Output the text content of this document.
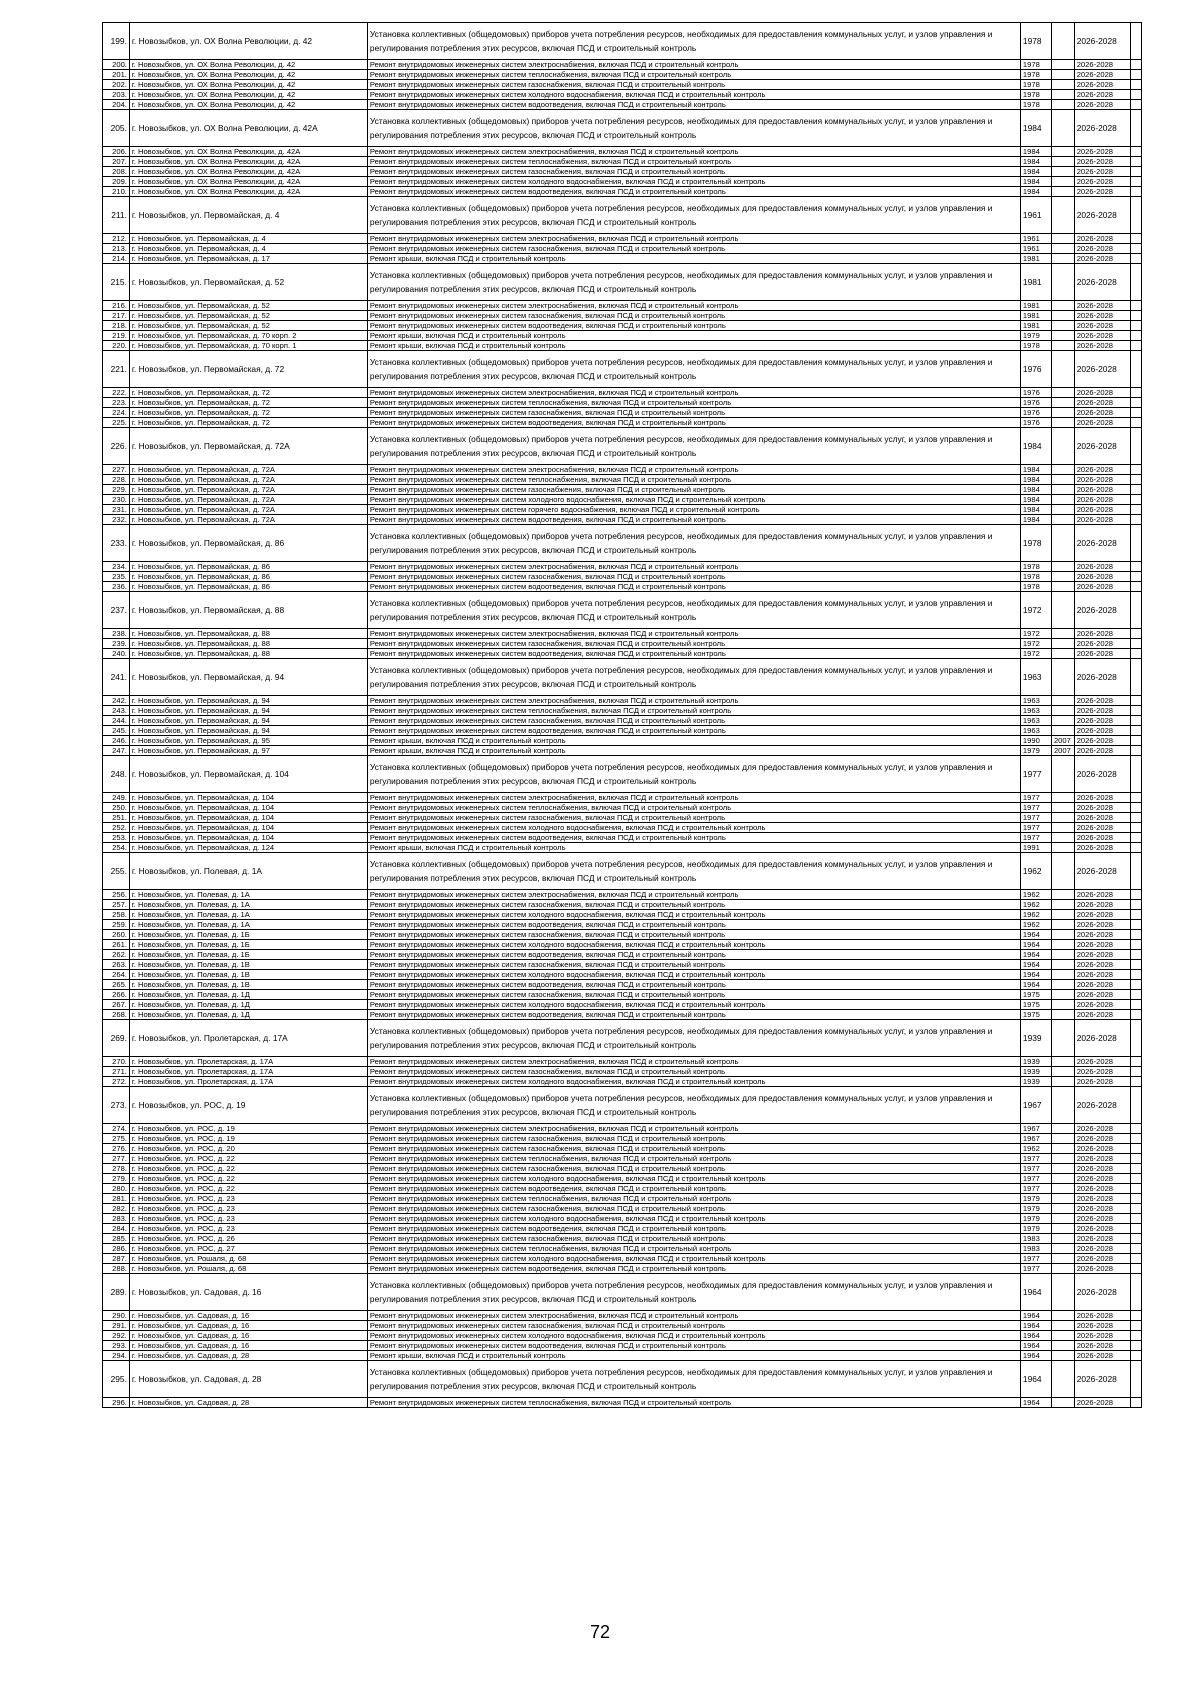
199.	г. Новозыбков, ул. ОХ Волна Революции, д. 42	Установка коллективных (общедомовых) приборов учета потребления ресурсов, необходимых для предоставления коммунальных услуг, и узлов управления и регулирования потребления этих ресурсов, включая ПСД и строительный контроль	1978		2026-2028	
200.	г. Новозыбков, ул. ОХ Волна Революции, д. 42	Ремонт внутридомовых инженерных систем электроснабжения, включая ПСД и строительный контроль	1978		2026-2028	
201.	г. Новозыбков, ул. ОХ Волна Революции, д. 42	Ремонт внутридомовых инженерных систем теплоснабжения, включая ПСД и строительный контроль	1978		2026-2028	
202.	г. Новозыбков, ул. ОХ Волна Революции, д. 42	Ремонт внутридомовых инженерных систем газоснабжения, включая ПСД и строительный контроль	1978		2026-2028	
203.	г. Новозыбков, ул. ОХ Волна Революции, д. 42	Ремонт внутридомовых инженерных систем холодного водоснабжения, включая ПСД и строительный контроль	1978		2026-2028	
204.	г. Новозыбков, ул. ОХ Волна Революции, д. 42	Ремонт внутридомовых инженерных систем водоотведения, включая ПСД и строительный контроль	1978		2026-2028	
205.	г. Новозыбков, ул. ОХ Волна Революции, д. 42А	Установка коллективных (общедомовых) приборов учета потребления ресурсов, необходимых для предоставления коммунальных услуг, и узлов управления и регулирования потребления этих ресурсов, включая ПСД и строительный контроль	1984		2026-2028	
206.	г. Новозыбков, ул. ОХ Волна Революции, д. 42А	Ремонт внутридомовых инженерных систем электроснабжения, включая ПСД и строительный контроль	1984		2026-2028	
207.	г. Новозыбков, ул. ОХ Волна Революции, д. 42А	Ремонт внутридомовых инженерных систем теплоснабжения, включая ПСД и строительный контроль	1984		2026-2028	
208.	г. Новозыбков, ул. ОХ Волна Революции, д. 42А	Ремонт внутридомовых инженерных систем газоснабжения, включая ПСД и строительный контроль	1984		2026-2028	
209.	г. Новозыбков, ул. ОХ Волна Революции, д. 42А	Ремонт внутридомовых инженерных систем холодного водоснабжения, включая ПСД и строительный контроль	1984		2026-2028	
210.	г. Новозыбков, ул. ОХ Волна Революции, д. 42А	Ремонт внутридомовых инженерных систем водоотведения, включая ПСД и строительный контроль	1984		2026-2028	
211.	г. Новозыбков, ул. Первомайская, д. 4	Установка коллективных (общедомовых) приборов учета потребления ресурсов, необходимых для предоставления коммунальных услуг, и узлов управления и регулирования потребления этих ресурсов, включая ПСД и строительный контроль	1961		2026-2028	
212.	г. Новозыбков, ул. Первомайская, д. 4	Ремонт внутридомовых инженерных систем электроснабжения, включая ПСД и строительный контроль	1961		2026-2028	
213.	г. Новозыбков, ул. Первомайская, д. 4	Ремонт внутридомовых инженерных систем газоснабжения, включая ПСД и строительный контроль	1961		2026-2028	
214.	г. Новозыбков, ул. Первомайская, д. 17	Ремонт крыши, включая ПСД и строительный контроль	1981		2026-2028	
215.	г. Новозыбков, ул. Первомайская, д. 52	Установка коллективных (общедомовых) приборов учета потребления ресурсов, необходимых для предоставления коммунальных услуг, и узлов управления и регулирования потребления этих ресурсов, включая ПСД и строительный контроль	1981		2026-2028	
216.	г. Новозыбков, ул. Первомайская, д. 52	Ремонт внутридомовых инженерных систем электроснабжения, включая ПСД и строительный контроль	1981		2026-2028	
217.	г. Новозыбков, ул. Первомайская, д. 52	Ремонт внутридомовых инженерных систем газоснабжения, включая ПСД и строительный контроль	1981		2026-2028	
218.	г. Новозыбков, ул. Первомайская, д. 52	Ремонт внутридомовых инженерных систем водоотведения, включая ПСД и строительный контроль	1981		2026-2028	
219.	г. Новозыбков, ул. Первомайская, д. 70 корп. 2	Ремонт крыши, включая ПСД и строительный контроль	1979		2026-2028	
220.	г. Новозыбков, ул. Первомайская, д. 70 корп. 1	Ремонт крыши, включая ПСД и строительный контроль	1978		2026-2028	
221.	г. Новозыбков, ул. Первомайская, д. 72	Установка коллективных (общедомовых) приборов учета потребления ресурсов, необходимых для предоставления коммунальных услуг, и узлов управления и регулирования потребления этих ресурсов, включая ПСД и строительный контроль	1976		2026-2028	
222.	г. Новозыбков, ул. Первомайская, д. 72	Ремонт внутридомовых инженерных систем электроснабжения, включая ПСД и строительный контроль	1976		2026-2028	
223.	г. Новозыбков, ул. Первомайская, д. 72	Ремонт внутридомовых инженерных систем теплоснабжения, включая ПСД и строительный контроль	1976		2026-2028	
224.	г. Новозыбков, ул. Первомайская, д. 72	Ремонт внутридомовых инженерных систем газоснабжения, включая ПСД и строительный контроль	1976		2026-2028	
225.	г. Новозыбков, ул. Первомайская, д. 72	Ремонт внутридомовых инженерных систем водоотведения, включая ПСД и строительный контроль	1976		2026-2028	
226.	г. Новозыбков, ул. Первомайская, д. 72А	Установка коллективных (общедомовых) приборов учета потребления ресурсов, необходимых для предоставления коммунальных услуг, и узлов управления и регулирования потребления этих ресурсов, включая ПСД и строительный контроль	1984		2026-2028	
227.	г. Новозыбков, ул. Первомайская, д. 72А	Ремонт внутридомовых инженерных систем электроснабжения, включая ПСД и строительный контроль	1984		2026-2028	
228.	г. Новозыбков, ул. Первомайская, д. 72А	Ремонт внутридомовых инженерных систем теплоснабжения, включая ПСД и строительный контроль	1984		2026-2028	
229.	г. Новозыбков, ул. Первомайская, д. 72А	Ремонт внутридомовых инженерных систем газоснабжения, включая ПСД и строительный контроль	1984		2026-2028	
230.	г. Новозыбков, ул. Первомайская, д. 72А	Ремонт внутридомовых инженерных систем холодного водоснабжения, включая ПСД и строительный контроль	1984		2026-2028	
231.	г. Новозыбков, ул. Первомайская, д. 72А	Ремонт внутридомовых инженерных систем горячего водоснабжения, включая ПСД и строительный контроль	1984		2026-2028	
232.	г. Новозыбков, ул. Первомайская, д. 72А	Ремонт внутридомовых инженерных систем водоотведения, включая ПСД и строительный контроль	1984		2026-2028	
233.	г. Новозыбков, ул. Первомайская, д. 86	Установка коллективных (общедомовых) приборов учета потребления ресурсов, необходимых для предоставления коммунальных услуг, и узлов управления и регулирования потребления этих ресурсов, включая ПСД и строительный контроль	1978		2026-2028	
234.	г. Новозыбков, ул. Первомайская, д. 86	Ремонт внутридомовых инженерных систем электроснабжения, включая ПСД и строительный контроль	1978		2026-2028	
235.	г. Новозыбков, ул. Первомайская, д. 86	Ремонт внутридомовых инженерных систем газоснабжения, включая ПСД и строительный контроль	1978		2026-2028	
236.	г. Новозыбков, ул. Первомайская, д. 86	Ремонт внутридомовых инженерных систем водоотведения, включая ПСД и строительный контроль	1978		2026-2028	
237.	г. Новозыбков, ул. Первомайская, д. 88	Установка коллективных (общедомовых) приборов учета потребления ресурсов, необходимых для предоставления коммунальных услуг, и узлов управления и регулирования потребления этих ресурсов, включая ПСД и строительный контроль	1972		2026-2028	
238.	г. Новозыбков, ул. Первомайская, д. 88	Ремонт внутридомовых инженерных систем электроснабжения, включая ПСД и строительный контроль	1972		2026-2028	
239.	г. Новозыбков, ул. Первомайская, д. 88	Ремонт внутридомовых инженерных систем газоснабжения, включая ПСД и строительный контроль	1972		2026-2028	
240.	г. Новозыбков, ул. Первомайская, д. 88	Ремонт внутридомовых инженерных систем водоотведения, включая ПСД и строительный контроль	1972		2026-2028	
241.	г. Новозыбков, ул. Первомайская, д. 94	Установка коллективных (общедомовых) приборов учета потребления ресурсов, необходимых для предоставления коммунальных услуг, и узлов управления и регулирования потребления этих ресурсов, включая ПСД и строительный контроль	1963		2026-2028	
242.	г. Новозыбков, ул. Первомайская, д. 94	Ремонт внутридомовых инженерных систем электроснабжения, включая ПСД и строительный контроль	1963		2026-2028	
243.	г. Новозыбков, ул. Первомайская, д. 94	Ремонт внутридомовых инженерных систем теплоснабжения, включая ПСД и строительный контроль	1963		2026-2028	
244.	г. Новозыбков, ул. Первомайская, д. 94	Ремонт внутридомовых инженерных систем газоснабжения, включая ПСД и строительный контроль	1963		2026-2028	
245.	г. Новозыбков, ул. Первомайская, д. 94	Ремонт внутридомовых инженерных систем водоотведения, включая ПСД и строительный контроль	1963		2026-2028	
246.	г. Новозыбков, ул. Первомайская, д. 95	Ремонт крыши, включая ПСД и строительный контроль	1990	2007	2026-2028	
247.	г. Новозыбков, ул. Первомайская, д. 97	Ремонт крыши, включая ПСД и строительный контроль	1979	2007	2026-2028	
248.	г. Новозыбков, ул. Первомайская, д. 104	Установка коллективных (общедомовых) приборов учета потребления ресурсов, необходимых для предоставления коммунальных услуг, и узлов управления и регулирования потребления этих ресурсов, включая ПСД и строительный контроль	1977		2026-2028	
249.	г. Новозыбков, ул. Первомайская, д. 104	Ремонт внутридомовых инженерных систем электроснабжения, включая ПСД и строительный контроль	1977		2026-2028	
250.	г. Новозыбков, ул. Первомайская, д. 104	Ремонт внутридомовых инженерных систем теплоснабжения, включая ПСД и строительный контроль	1977		2026-2028	
251.	г. Новозыбков, ул. Первомайская, д. 104	Ремонт внутридомовых инженерных систем газоснабжения, включая ПСД и строительный контроль	1977		2026-2028	
252.	г. Новозыбков, ул. Первомайская, д. 104	Ремонт внутридомовых инженерных систем холодного водоснабжения, включая ПСД и строительный контроль	1977		2026-2028	
253.	г. Новозыбков, ул. Первомайская, д. 104	Ремонт внутридомовых инженерных систем водоотведения, включая ПСД и строительный контроль	1977		2026-2028	
254.	г. Новозыбков, ул. Первомайская, д. 124	Ремонт крыши, включая ПСД и строительный контроль	1991		2026-2028	
255.	г. Новозыбков, ул. Полевая, д. 1А	Установка коллективных (общедомовых) приборов учета потребления ресурсов, необходимых для предоставления коммунальных услуг, и узлов управления и регулирования потребления этих ресурсов, включая ПСД и строительный контроль	1962		2026-2028	
256.	г. Новозыбков, ул. Полевая, д. 1А	Ремонт внутридомовых инженерных систем электроснабжения, включая ПСД и строительный контроль	1962		2026-2028	
257.	г. Новозыбков, ул. Полевая, д. 1А	Ремонт внутридомовых инженерных систем газоснабжения, включая ПСД и строительный контроль	1962		2026-2028	
258.	г. Новозыбков, ул. Полевая, д. 1А	Ремонт внутридомовых инженерных систем холодного водоснабжения, включая ПСД и строительный контроль	1962		2026-2028	
259.	г. Новозыбков, ул. Полевая, д. 1А	Ремонт внутридомовых инженерных систем водоотведения, включая ПСД и строительный контроль	1962		2026-2028	
260.	г. Новозыбков, ул. Полевая, д. 1Б	Ремонт внутридомовых инженерных систем газоснабжения, включая ПСД и строительный контроль	1964		2026-2028	
261.	г. Новозыбков, ул. Полевая, д. 1Б	Ремонт внутридомовых инженерных систем холодного водоснабжения, включая ПСД и строительный контроль	1964		2026-2028	
262.	г. Новозыбков, ул. Полевая, д. 1Б	Ремонт внутридомовых инженерных систем водоотведения, включая ПСД и строительный контроль	1964		2026-2028	
263.	г. Новозыбков, ул. Полевая, д. 1В	Ремонт внутридомовых инженерных систем газоснабжения, включая ПСД и строительный контроль	1964		2026-2028	
264.	г. Новозыбков, ул. Полевая, д. 1В	Ремонт внутридомовых инженерных систем холодного водоснабжения, включая ПСД и строительный контроль	1964		2026-2028	
265.	г. Новозыбков, ул. Полевая, д. 1В	Ремонт внутридомовых инженерных систем водоотведения, включая ПСД и строительный контроль	1964		2026-2028	
266.	г. Новозыбков, ул. Полевая, д. 1Д	Ремонт внутридомовых инженерных систем газоснабжения, включая ПСД и строительный контроль	1975		2026-2028	
267.	г. Новозыбков, ул. Полевая, д. 1Д	Ремонт внутридомовых инженерных систем холодного водоснабжения, включая ПСД и строительный контроль	1975		2026-2028	
268.	г. Новозыбков, ул. Полевая, д. 1Д	Ремонт внутридомовых инженерных систем водоотведения, включая ПСД и строительный контроль	1975		2026-2028	
269.	г. Новозыбков, ул. Пролетарская, д. 17А	Установка коллективных (общедомовых) приборов учета потребления ресурсов, необходимых для предоставления коммунальных услуг, и узлов управления и регулирования потребления этих ресурсов, включая ПСД и строительный контроль	1939		2026-2028	
270.	г. Новозыбков, ул. Пролетарская, д. 17А	Ремонт внутридомовых инженерных систем электроснабжения, включая ПСД и строительный контроль	1939		2026-2028	
271.	г. Новозыбков, ул. Пролетарская, д. 17А	Ремонт внутридомовых инженерных систем газоснабжения, включая ПСД и строительный контроль	1939		2026-2028	
272.	г. Новозыбков, ул. Пролетарская, д. 17А	Ремонт внутридомовых инженерных систем холодного водоснабжения, включая ПСД и строительный контроль	1939		2026-2028	
273.	г. Новозыбков, ул. РОС, д. 19	Установка коллективных (общедомовых) приборов учета потребления ресурсов, необходимых для предоставления коммунальных услуг, и узлов управления и регулирования потребления этих ресурсов, включая ПСД и строительный контроль	1967		2026-2028	
274.	г. Новозыбков, ул. РОС, д. 19	Ремонт внутридомовых инженерных систем электроснабжения, включая ПСД и строительный контроль	1967		2026-2028	
275.	г. Новозыбков, ул. РОС, д. 19	Ремонт внутридомовых инженерных систем газоснабжения, включая ПСД и строительный контроль	1967		2026-2028	
276.	г. Новозыбков, ул. РОС, д. 20	Ремонт внутридомовых инженерных систем газоснабжения, включая ПСД и строительный контроль	1962		2026-2028	
277.	г. Новозыбков, ул. РОС, д. 22	Ремонт внутридомовых инженерных систем теплоснабжения, включая ПСД и строительный контроль	1977		2026-2028	
278.	г. Новозыбков, ул. РОС, д. 22	Ремонт внутридомовых инженерных систем газоснабжения, включая ПСД и строительный контроль	1977		2026-2028	
279.	г. Новозыбков, ул. РОС, д. 22	Ремонт внутридомовых инженерных систем холодного водоснабжения, включая ПСД и строительный контроль	1977		2026-2028	
280.	г. Новозыбков, ул. РОС, д. 22	Ремонт внутридомовых инженерных систем водоотведения, включая ПСД и строительный контроль	1977		2026-2028	
281.	г. Новозыбков, ул. РОС, д. 23	Ремонт внутридомовых инженерных систем теплоснабжения, включая ПСД и строительный контроль	1979		2026-2028	
282.	г. Новозыбков, ул. РОС, д. 23	Ремонт внутридомовых инженерных систем газоснабжения, включая ПСД и строительный контроль	1979		2026-2028	
283.	г. Новозыбков, ул. РОС, д. 23	Ремонт внутридомовых инженерных систем холодного водоснабжения, включая ПСД и строительный контроль	1979		2026-2028	
284.	г. Новозыбков, ул. РОС, д. 23	Ремонт внутридомовых инженерных систем водоотведения, включая ПСД и строительный контроль	1979		2026-2028	
285.	г. Новозыбков, ул. РОС, д. 26	Ремонт внутридомовых инженерных систем газоснабжения, включая ПСД и строительный контроль	1983		2026-2028	
286.	г. Новозыбков, ул. РОС, д. 27	Ремонт внутридомовых инженерных систем теплоснабжения, включая ПСД и строительный контроль	1983		2026-2028	
287.	г. Новозыбков, ул. Рошаля, д. 68	Ремонт внутридомовых инженерных систем холодного водоснабжения, включая ПСД и строительный контроль	1977		2026-2028	
288.	г. Новозыбков, ул. Рошаля, д. 68	Ремонт внутридомовых инженерных систем водоотведения, включая ПСД и строительный контроль	1977		2026-2028	
289.	г. Новозыбков, ул. Садовая, д. 16	Установка коллективных (общедомовых) приборов учета потребления ресурсов, необходимых для предоставления коммунальных услуг, и узлов управления и регулирования потребления этих ресурсов, включая ПСД и строительный контроль	1964		2026-2028	
290.	г. Новозыбков, ул. Садовая, д. 16	Ремонт внутридомовых инженерных систем электроснабжения, включая ПСД и строительный контроль	1964		2026-2028	
291.	г. Новозыбков, ул. Садовая, д. 16	Ремонт внутридомовых инженерных систем газоснабжения, включая ПСД и строительный контроль	1964		2026-2028	
292.	г. Новозыбков, ул. Садовая, д. 16	Ремонт внутридомовых инженерных систем холодного водоснабжения, включая ПСД и строительный контроль	1964		2026-2028	
293.	г. Новозыбков, ул. Садовая, д. 16	Ремонт внутридомовых инженерных систем водоотведения, включая ПСД и строительный контроль	1964		2026-2028	
294.	г. Новозыбков, ул. Садовая, д. 28	Ремонт крыши, включая ПСД и строительный контроль	1964		2026-2028	
295.	г. Новозыбков, ул. Садовая, д. 28	Установка коллективных (общедомовых) приборов учета потребления ресурсов, необходимых для предоставления коммунальных услуг, и узлов управления и регулирования потребления этих ресурсов, включая ПСД и строительный контроль	1964		2026-2028	
296.	г. Новозыбков, ул. Садовая, д. 28	Ремонт внутридомовых инженерных систем теплоснабжения, включая ПСД и строительный контроль	1964		2026-2028	
72
